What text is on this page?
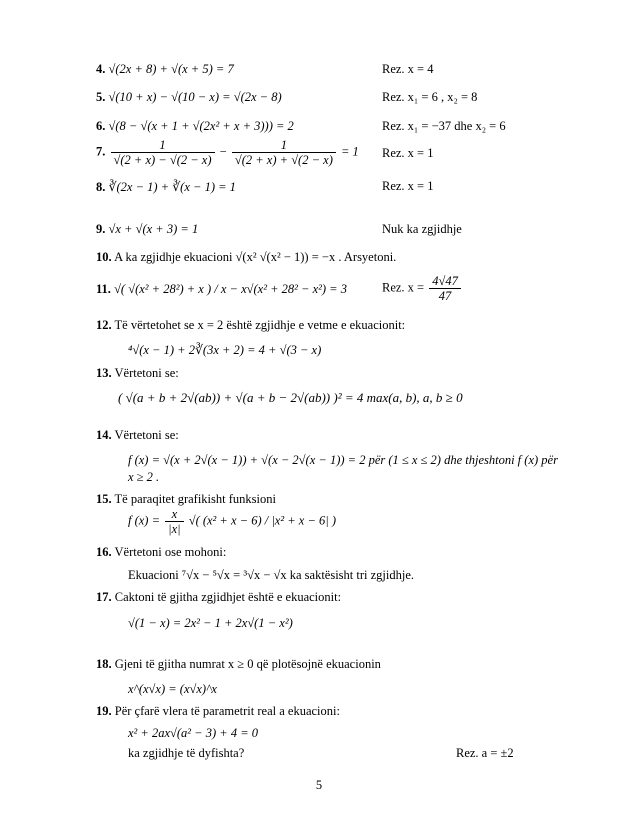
4. √(2x + 8) + √(x + 5) = 7	Rez. x = 4
5. √(10 + x) − √(10 − x) = √(2x − 8)	Rez. x₁ = 6 , x₂ = 8
6. √(8 − √(x + 1 + √(2x² + x + 3))) = 2	Rez. x₁ = −37 dhe x₂ = 6
7. $\frac{1}{√(2 + x) - √(2 - x)} - \frac{1}{√(2 + x) + √(2 - x)} = 1$ Rez. x = 1
8. ∛(2x − 1) + ∛(x − 1) = 1	Rez. x = 1
9. √x + √(x + 3) = 1	Nuk ka zgjidhje
10. A ka zgjidhje ekuacioni √(x² √(x² − 1)) = −x . Arsyetoni.
11. √( √(x² + 28²) + x ) / x − x√(x² + 28² − x²) = 3	Rez. $x = \frac{4√47}{47}$
12. Të vërtetohet se x = 2 është zgjidhje e vetme e ekuacionit:
⁴√(x − 1) + 2∛(3x + 2) = 4 + √(3 − x)
13. Vërtetoni se:
( √(a + b + 2√(ab)) + √(a + b − 2√(ab)) )² = 4 max(a, b), a, b ≥ 0
14. Vërtetoni se:
f (x) = √(x + 2√(x − 1)) + √(x − 2√(x − 1)) = 2 për (1 ≤ x ≤ 2) dhe thjeshtoni f (x) për
x ≥ 2 .
15. Të paraqitet grafikisht funksioni
f $(x) = \frac{x}{|x|}$ √( (x² + x − 6) / |x² + x − 6| )
16. Vërtetoni ose mohoni:
Ekuacioni ⁷√x − ⁵√x = ³√x − √x ka saktësisht tri zgjidhje.
17. Caktoni të gjitha zgjidhjet është e ekuacionit:
√(1 − x) = 2x² − 1 + 2x√(1 − x²)
18. Gjeni të gjitha numrat x ≥ 0 që plotësojnë ekuacionin
x^(x√x) = (x√x)^x
19. Për çfarë vlera të parametrit real a ekuacioni:
x² + 2ax√(a² − 3) + 4 = 0
ka zgjidhje të dyfishta?	Rez. a = ±2
5
